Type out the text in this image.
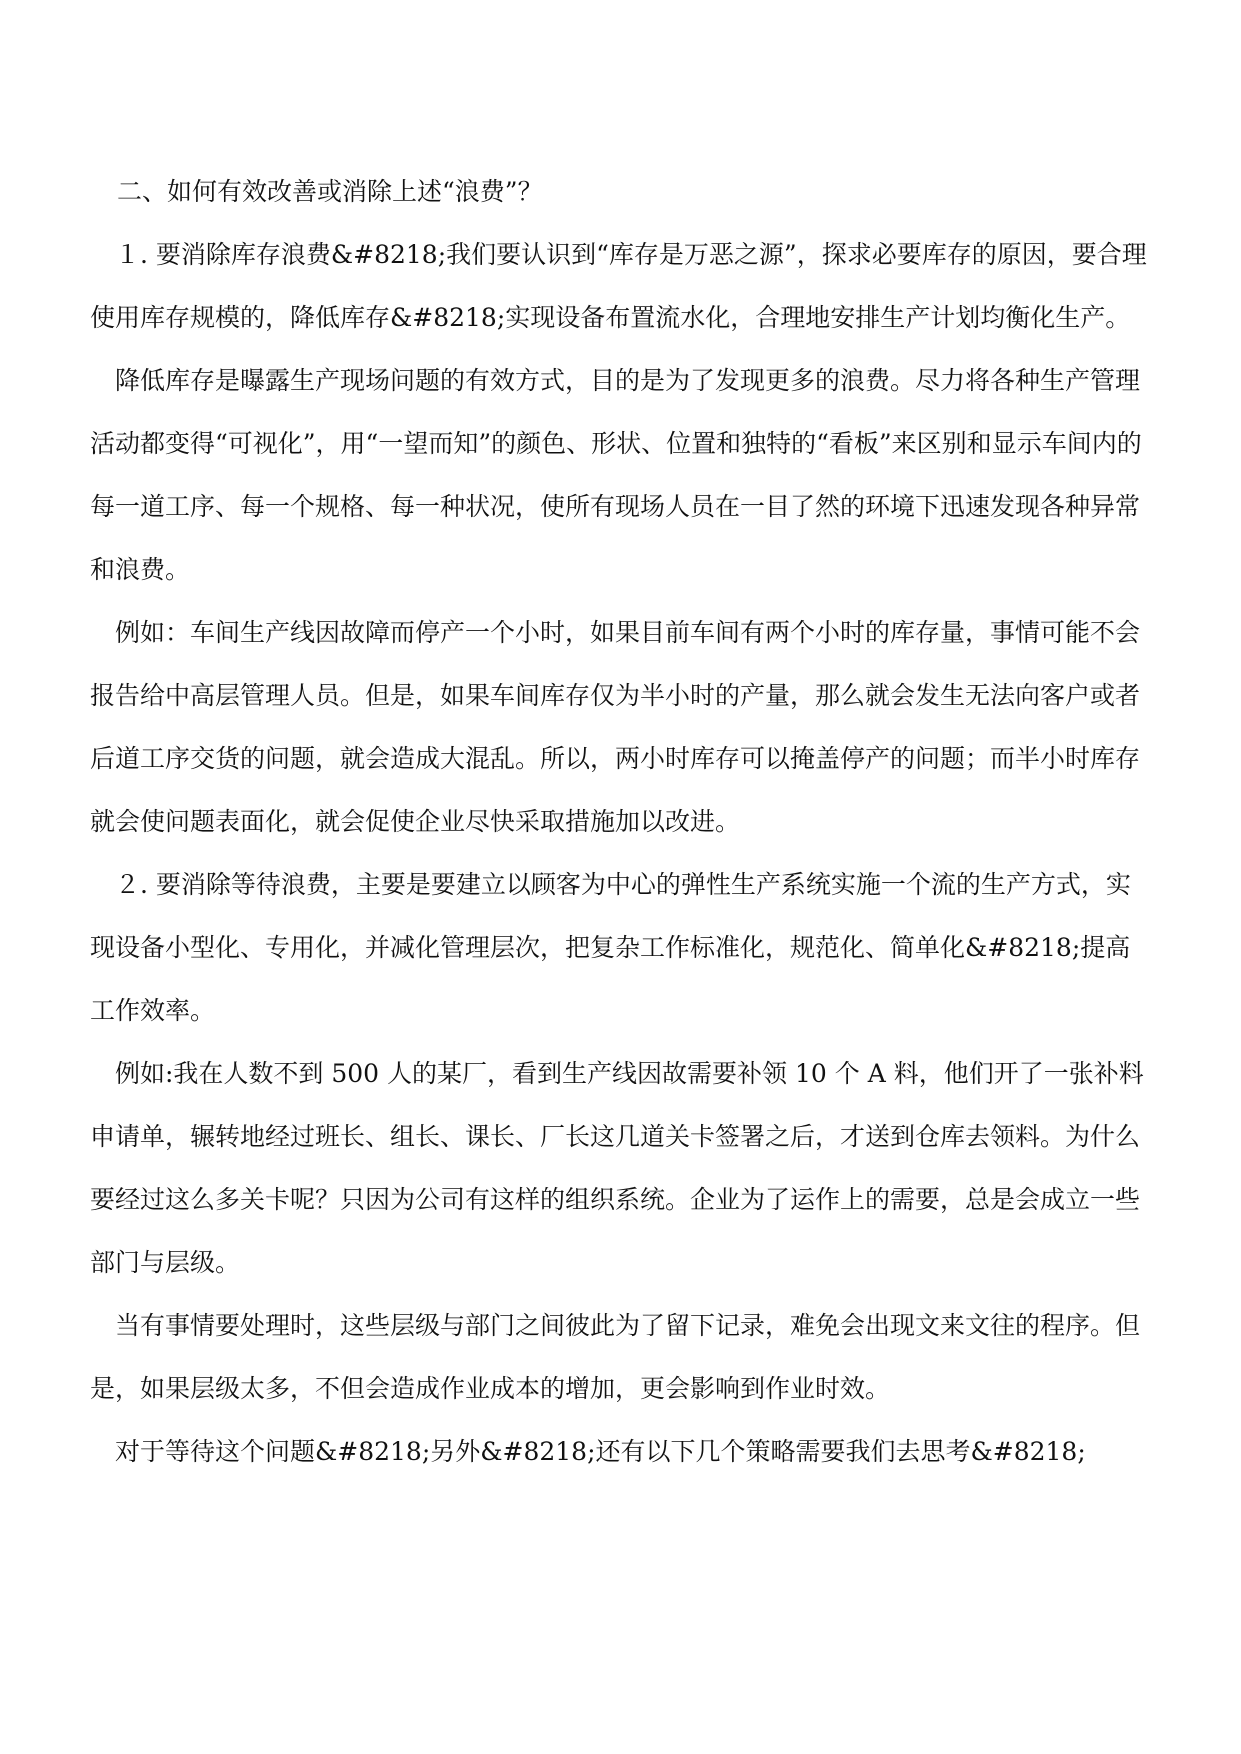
二、如何有效改善或消除上述“浪费”？

１. 要消除库存浪费&#8218;我们要认识到“库存是万恶之源”，探求必要库存的原因，要合理使用库存规模的，降低库存&#8218;实现设备布置流水化，合理地安排生产计划均衡化生产。

降低库存是曝露生产现场问题的有效方式，目的是为了发现更多的浪费。尽力将各种生产管理活动都变得“可视化”，用“一望而知”的颜色、形状、位置和独特的“看板”来区别和显示车间内的每一道工序、每一个规格、每一种状况，使所有现场人员在一目了然的环境下迅速发现各种异常和浪费。

例如：车间生产线因故障而停产一个小时，如果目前车间有两个小时的库存量，事情可能不会报告给中高层管理人员。但是，如果车间库存仅为半小时的产量，那么就会发生无法向客户或者后道工序交货的问题，就会造成大混乱。所以，两小时库存可以掩盖停产的问题；而半小时库存就会使问题表面化，就会促使企业尽快采取措施加以改进。

２. 要消除等待浪费，主要是要建立以顾客为中心的弹性生产系统实施一个流的生产方式，实现设备小型化、专用化，并减化管理层次，把复杂工作标准化，规范化、简单化&#8218;提高工作效率。

例如:我在人数不到 500 人的某厂，看到生产线因故需要补领 10 个 A 料，他们开了一张补料申请单，辗转地经过班长、组长、课长、厂长这几道关卡签署之后，才送到仓库去领料。为什么要经过这么多关卡呢？只因为公司有这样的组织系统。企业为了运作上的需要，总是会成立一些部门与层级。

当有事情要处理时，这些层级与部门之间彼此为了留下记录，难免会出现文来文往的程序。但是，如果层级太多，不但会造成作业成本的增加，更会影响到作业时效。

对于等待这个问题&#8218;另外&#8218;还有以下几个策略需要我们去思考&#8218;
